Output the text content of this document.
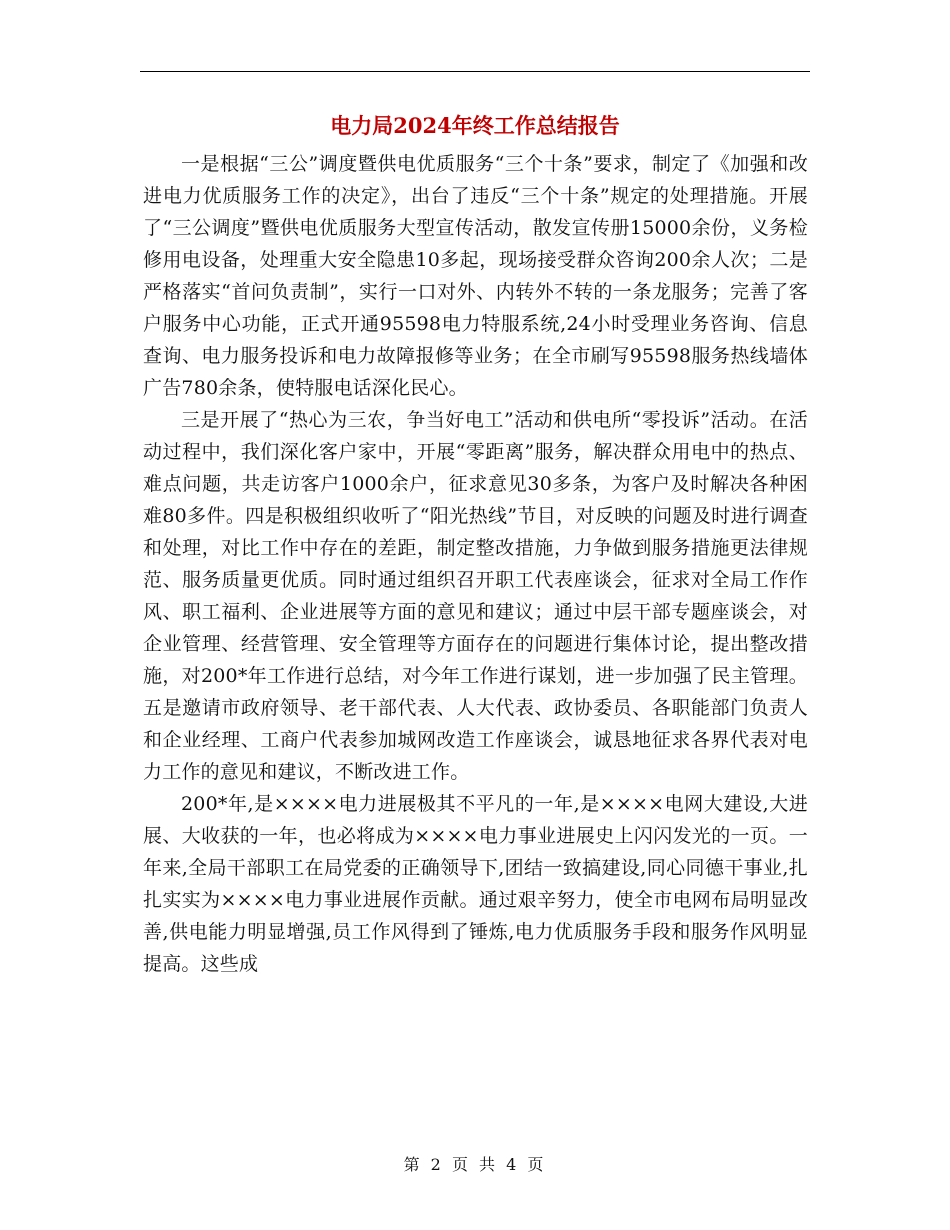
电力局2024年终工作总结报告

一是根据“三公”调度暨供电优质服务“三个十条”要求，制定了《加强和改进电力优质服务工作的决定》，出台了违反“三个十条”规定的处理措施。开展了“三公调度”暨供电优质服务大型宣传活动，散发宣传册15000余份，义务检修用电设备，处理重大安全隐患10多起，现场接受群众咨询200余人次；二是严格落实“首问负责制”，实行一口对外、内转外不转的一条龙服务；完善了客户服务中心功能，正式开通95598电力特服系统,24小时受理业务咨询、信息查询、电力服务投诉和电力故障报修等业务；在全市刷写95598服务热线墙体广告780余条，使特服电话深化民心。

三是开展了“热心为三农，争当好电工”活动和供电所“零投诉”活动。在活动过程中，我们深化客户家中，开展“零距离”服务，解决群众用电中的热点、难点问题，共走访客户1000余户，征求意见30多条，为客户及时解决各种困难80多件。四是积极组织收听了“阳光热线”节目，对反映的问题及时进行调查和处理，对比工作中存在的差距，制定整改措施，力争做到服务措施更法律规范、服务质量更优质。同时通过组织召开职工代表座谈会，征求对全局工作作风、职工福利、企业进展等方面的意见和建议；通过中层干部专题座谈会，对企业管理、经营管理、安全管理等方面存在的问题进行集体讨论，提出整改措施，对200*年工作进行总结，对今年工作进行谋划，进一步加强了民主管理。五是邀请市政府领导、老干部代表、人大代表、政协委员、各职能部门负责人和企业经理、工商户代表参加城网改造工作座谈会，诚恳地征求各界代表对电力工作的意见和建议，不断改进工作。

200*年,是××××电力进展极其不平凡的一年,是××××电网大建设,大进展、大收获的一年，也必将成为××××电力事业进展史上闪闪发光的一页。一年来,全局干部职工在局党委的正确领导下,团结一致搞建设,同心同德干事业,扎扎实实为××××电力事业进展作贡献。通过艰辛努力，使全市电网布局明显改善,供电能力明显增强,员工作风得到了锤炼,电力优质服务手段和服务作风明显提高。这些成

第 2 页 共 4 页
